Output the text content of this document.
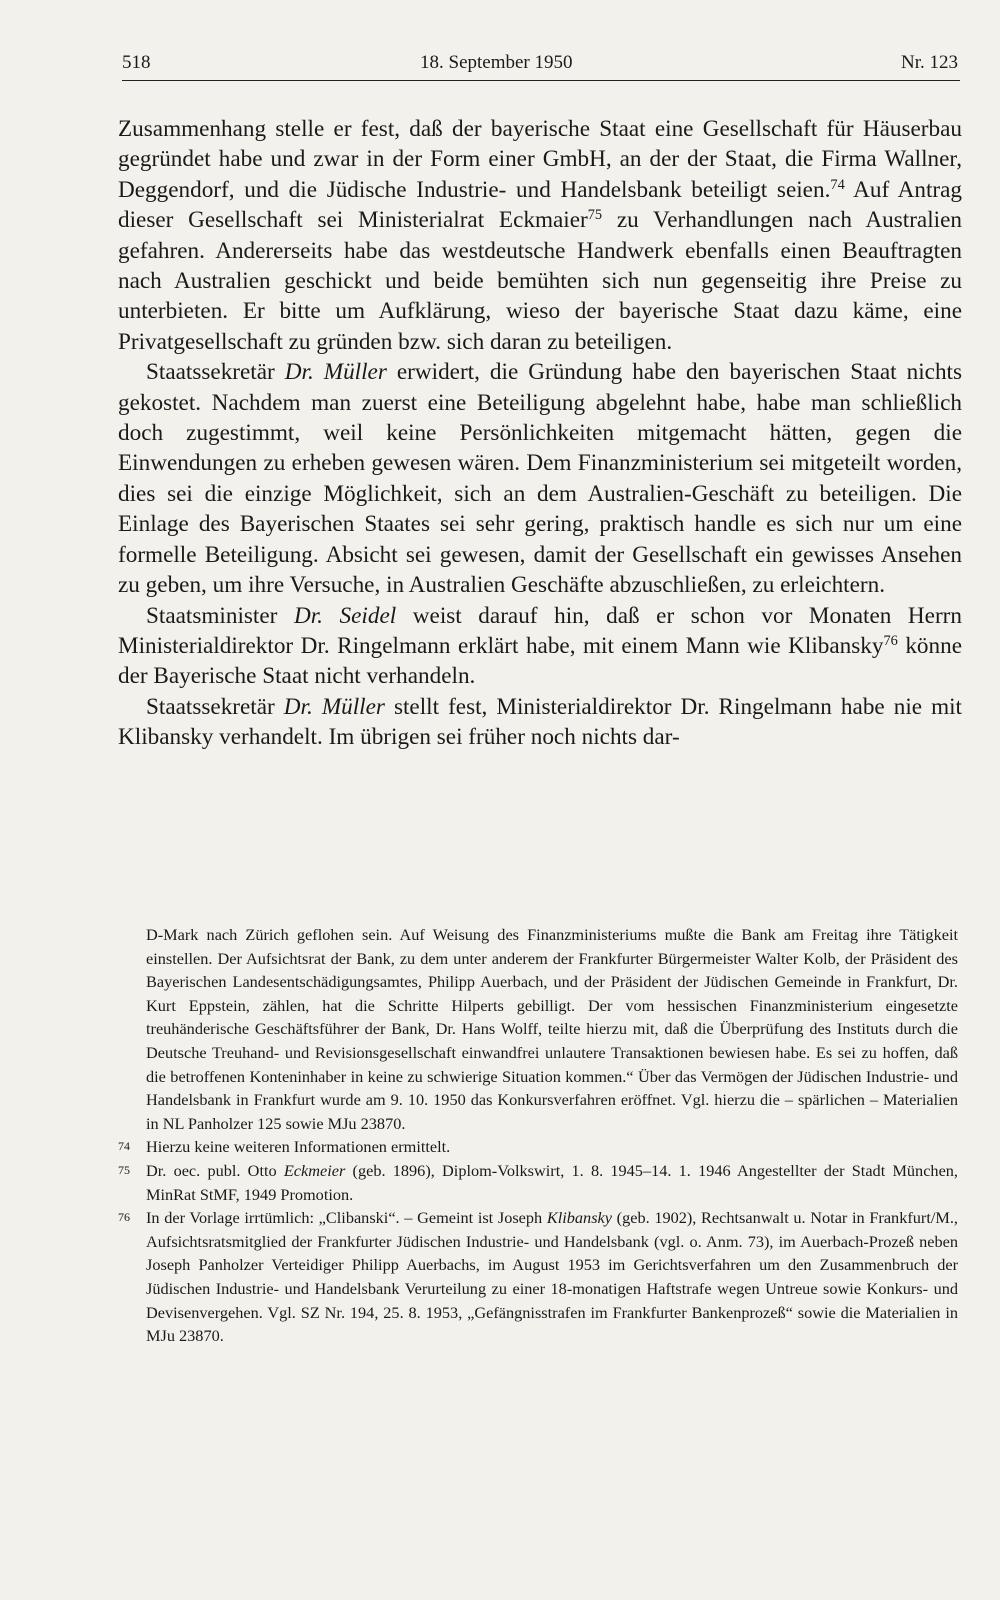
518	18. September 1950	Nr. 123

Zusammenhang stelle er fest, daß der bayerische Staat eine Gesellschaft für Häuserbau gegründet habe und zwar in der Form einer GmbH, an der der Staat, die Firma Wallner, Deggendorf, und die Jüdische Industrie- und Handelsbank beteiligt seien.$^{74}$ Auf Antrag dieser Gesellschaft sei Ministerialrat Eckmaier$^{75}$ zu Verhandlungen nach Australien gefahren. Andererseits habe das westdeutsche Handwerk ebenfalls einen Beauftragten nach Australien geschickt und beide bemühten sich nun gegenseitig ihre Preise zu unterbieten. Er bitte um Aufklärung, wieso der bayerische Staat dazu käme, eine Privatgesellschaft zu gründen bzw. sich daran zu beteiligen.

Staatssekretär Dr. Müller erwidert, die Gründung habe den bayerischen Staat nichts gekostet. Nachdem man zuerst eine Beteiligung abgelehnt habe, habe man schließlich doch zugestimmt, weil keine Persönlichkeiten mitgemacht hätten, gegen die Einwendungen zu erheben gewesen wären. Dem Finanzministerium sei mitgeteilt worden, dies sei die einzige Möglichkeit, sich an dem Australien-Geschäft zu beteiligen. Die Einlage des Bayerischen Staates sei sehr gering, praktisch handle es sich nur um eine formelle Beteiligung. Absicht sei gewesen, damit der Gesellschaft ein gewisses Ansehen zu geben, um ihre Versuche, in Australien Geschäfte abzuschließen, zu erleichtern.

Staatsminister Dr. Seidel weist darauf hin, daß er schon vor Monaten Herrn Ministerialdirektor Dr. Ringelmann erklärt habe, mit einem Mann wie Klibansky$^{76}$ könne der Bayerische Staat nicht verhandeln.

Staatssekretär Dr. Müller stellt fest, Ministerialdirektor Dr. Ringelmann habe nie mit Klibansky verhandelt. Im übrigen sei früher noch nichts dar-

D-Mark nach Zürich geflohen sein. Auf Weisung des Finanzministeriums mußte die Bank am Freitag ihre Tätigkeit einstellen. Der Aufsichtsrat der Bank, zu dem unter anderem der Frankfurter Bürgermeister Walter Kolb, der Präsident des Bayerischen Landesentschädigungsamtes, Philipp Auerbach, und der Präsident der Jüdischen Gemeinde in Frankfurt, Dr. Kurt Eppstein, zählen, hat die Schritte Hilperts gebilligt. Der vom hessischen Finanzministerium eingesetzte treuhänderische Geschäftsführer der Bank, Dr. Hans Wolff, teilte hierzu mit, daß die Überprüfung des Instituts durch die Deutsche Treuhand- und Revisionsgesellschaft einwandfrei unlautere Transaktionen bewiesen habe. Es sei zu hoffen, daß die betroffenen Konteninhaber in keine zu schwierige Situation kommen.“ Über das Vermögen der Jüdischen Industrie- und Handelsbank in Frankfurt wurde am 9. 10. 1950 das Konkursverfahren eröffnet. Vgl. hierzu die – spärlichen – Materialien in NL Panholzer 125 sowie MJu 23870.

74 Hierzu keine weiteren Informationen ermittelt.
75 Dr. oec. publ. Otto Eckmeier (geb. 1896), Diplom-Volkswirt, 1. 8. 1945–14. 1. 1946 Angestellter der Stadt München, MinRat StMF, 1949 Promotion.
76 In der Vorlage irrtümlich: „Clibanski“. – Gemeint ist Joseph Klibansky (geb. 1902), Rechtsanwalt u. Notar in Frankfurt/M., Aufsichtsratsmitglied der Frankfurter Jüdischen Industrie- und Handelsbank (vgl. o. Anm. 73), im Auerbach-Prozeß neben Joseph Panholzer Verteidiger Philipp Auerbachs, im August 1953 im Gerichtsverfahren um den Zusammenbruch der Jüdischen Industrie- und Handelsbank Verurteilung zu einer 18-monatigen Haftstrafe wegen Untreue sowie Konkurs- und Devisenvergehen. Vgl. SZ Nr. 194, 25. 8. 1953, „Gefängnisstrafen im Frankfurter Bankenprozeß“ sowie die Materialien in MJu 23870.
